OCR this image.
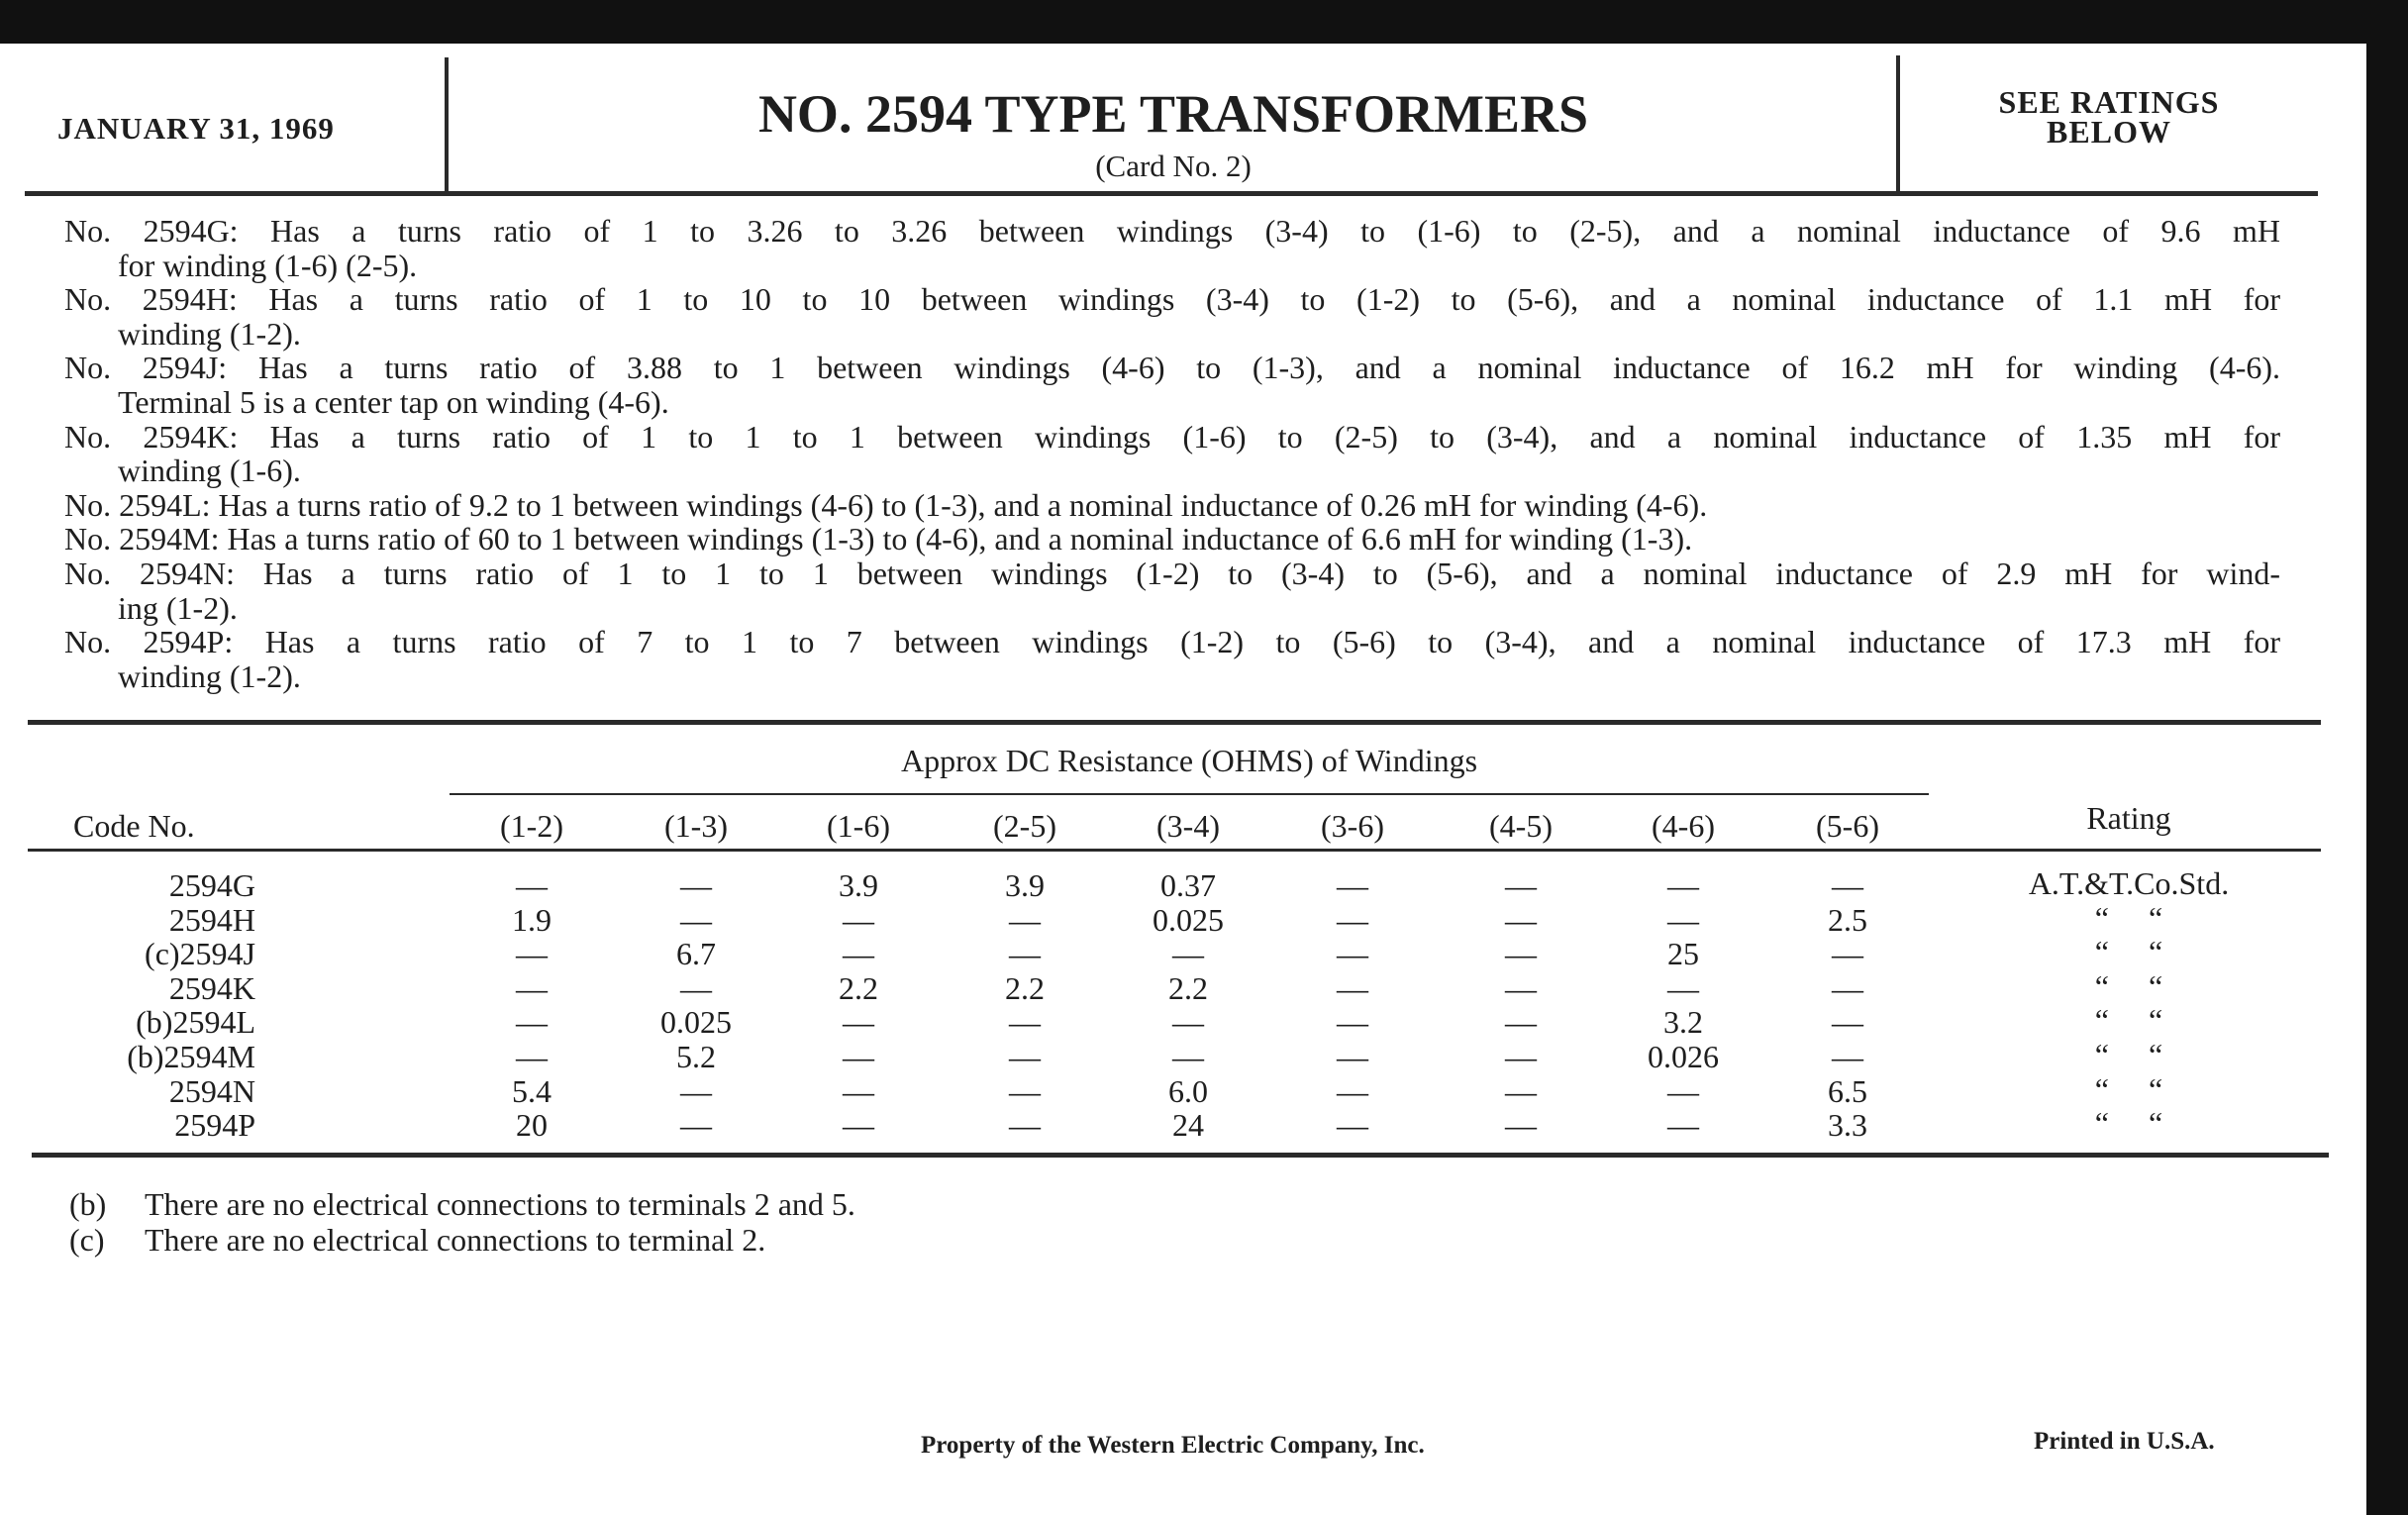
JANUARY 31, 1969	NO. 2594 TYPE TRANSFORMERS
(Card No. 2)
SEE RATINGS
BELOW
No. 2594G: Has a turns ratio of 1 to 3.26 to 3.26 between windings (3-4) to (1-6) to (2-5), and a nominal inductance of 9.6 mH
for winding (1-6) (2-5).
No. 2594H: Has a turns ratio of 1 to 10 to 10 between windings (3-4) to (1-2) to (5-6), and a nominal inductance of 1.1 mH for
winding (1-2).
No. 2594J: Has a turns ratio of 3.88 to 1 between windings (4-6) to (1-3), and a nominal inductance of 16.2 mH for winding (4-6).
Terminal 5 is a center tap on winding (4-6).
No. 2594K: Has a turns ratio of 1 to 1 to 1 between windings (1-6) to (2-5) to (3-4), and a nominal inductance of 1.35 mH for
winding (1-6).
No. 2594L: Has a turns ratio of 9.2 to 1 between windings (4-6) to (1-3), and a nominal inductance of 0.26 mH for winding (4-6).
No. 2594M: Has a turns ratio of 60 to 1 between windings (1-3) to (4-6), and a nominal inductance of 6.6 mH for winding (1-3).
No. 2594N: Has a turns ratio of 1 to 1 to 1 between windings (1-2) to (3-4) to (5-6), and a nominal inductance of 2.9 mH for wind-
ing (1-2).
No. 2594P: Has a turns ratio of 7 to 1 to 7 between windings (1-2) to (5-6) to (3-4), and a nominal inductance of 17.3 mH for
winding (1-2).
Approx DC Resistance (OHMS) of Windings
Code No.	Rating
(1-2)	(1-3)	(1-6)	(2-5)	(3-4)	(3-6)	(4-5)	(4-6)	(5-6)
2594G	—	—	3.9	3.9	0.37	—	—	—	—	A.T.&T.Co.Std.
2594H	1.9	—	—	—	0.025	—	—	—	2.5	“     “
(c)2594J	—	6.7	—	—	—	—	—	25	—	“     “
2594K	—	—	2.2	2.2	2.2	—	—	—	—	“     “
(b)2594L	—	0.025	—	—	—	—	—	3.2	—	“     “
(b)2594M	—	5.2	—	—	—	—	—	0.026	—	“     “
2594N	5.4	—	—	—	6.0	—	—	—	6.5	“     “
2594P	20	—	—	—	24	—	—	—	3.3	“     “
(b) There are no electrical connections to terminals 2 and 5.
(c) There are no electrical connections to terminal 2.
Property of the Western Electric Company, Inc.	Printed in U.S.A.
